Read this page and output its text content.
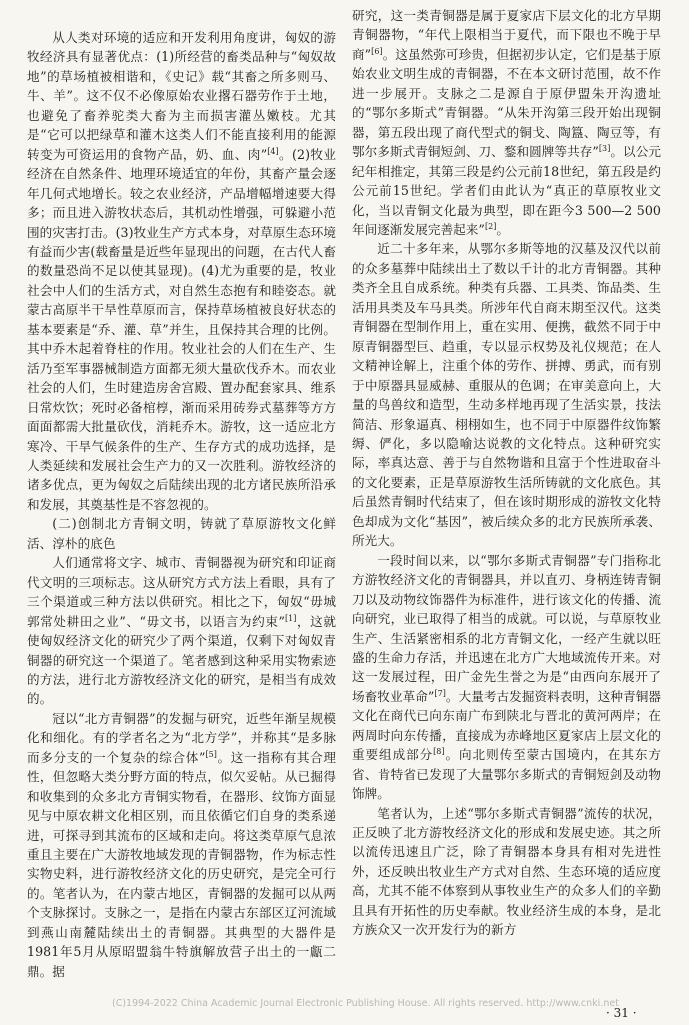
从人类对环境的适应和开发利用角度讲，匈奴的游牧经济具有显著优点：(1)所经营的畜类品种与“匈奴故地”的草场植被相谐和，《史记》载“其畜之所多则马、牛、羊”。这不仅不必像原始农业撂石器劳作于土地，也避免了畜养驼类大畜为主而损害灌丛嫩枝。尤其是“它可以把绿草和灌木这类人们不能直接利用的能源转变为可资运用的食物产品，奶、血、肉”[4]。(2)牧业经济在自然条件、地理环境适宜的年份，其畜产量会逐年几何式地增长。较之农业经济，产品增幅增速要大得多；而且进入游牧状态后，其机动性增强，可躲避小范围的灾害打击。(3)牧业生产方式本身，对草原生态环境有益而少害(载畜量是近些年显现出的问题，在古代人畜的数量恐尚不足以使其显现)。(4)尤为重要的是，牧业社会中人们的生活方式，对自然生态抱有和睦姿态。就蒙古高原半干旱性草原而言，保持草场植被良好状态的基本要素是“乔、灌、草”并生，且保持其合理的比例。其中乔木起着脊柱的作用。牧业社会的人们在生产、生活乃至军事器械制造方面都无须大量砍伐乔木。而农业社会的人们，生时建造房舍宫殿、置办配套家具、维系日常炊饮；死时必备棺椁，渐而采用砖券式墓葬等方方面面都需大批量砍伐，消耗乔木。游牧，这一适应北方寒冷、干旱气候条件的生产、生存方式的成功选择，是人类延续和发展社会生产力的又一次胜利。游牧经济的诸多优点，更为匈奴之后陆续出现的北方诸民族所沿承和发展，其奠基性是不容忽视的。

(二)创制北方青铜文明，铸就了草原游牧文化鲜活、淳朴的底色

人们通常将文字、城市、青铜器视为研究和印证商代文明的三项标志。这从研究方式方法上看眼，具有了三个渠道或三种方法以供研究。相比之下，匈奴“毋城郭常处耕田之业”、“毋文书，以语言为约束”[1]，这就使匈奴经济文化的研究少了两个渠道，仅剩下对匈奴青铜器的研究这一个渠道了。笔者感到这种采用实物索迹的方法，进行北方游牧经济文化的研究，是相当有成效的。

冠以“北方青铜器”的发掘与研究，近些年渐呈规模化和细化。有的学者名之为“北方学”，并称其“是多脉而多分支的一个复杂的综合体”[5]。这一指称有其合理性，但忽略大类分野方面的特点，似欠妥帖。从已掘得和收集到的众多北方青铜实物看，在器形、纹饰方面显见与中原农耕文化相区别，而且依循它们自身的类系递进，可探寻到其流布的区域和走向。将这类草原气息浓重且主要在广大游牧地域发现的青铜器物，作为标志性实物史料，进行游牧经济文化的历史研究，是完全可行的。笔者认为，在内蒙古地区，青铜器的发掘可以从两个支脉探讨。支脉之一，是指在内蒙古东部区辽河流域到燕山南麓陆续出土的青铜器。其典型的大器件是1981年5月从原昭盟翁牛特旗解放营子出土的一甗二鼎。据

研究，这一类青铜器是属于夏家店下层文化的北方早期青铜器物，“年代上限相当于夏代，而下限也不晚于早商”[6]。这虽然弥可珍贵，但据初步认定，它们是基于原始农业文明生成的青铜器，不在本文研讨范围，故不作进一步展开。支脉之二是源自于原伊盟朱开沟遗址的“鄂尔多斯式”青铜器。“从朱开沟第三段开始出现铜器，第五段出现了商代型式的铜戈、陶簋、陶豆等，有鄂尔多斯式青铜短剑、刀、鍪和圆牌等共存”[3]。以公元纪年相推定，其第三段是约公元前18世纪，第五段是约公元前15世纪。学者们由此认为“真正的草原牧业文化，当以青铜文化最为典型，即在距今3 500—2 500年间逐渐发展完善起来”[2]。

近二十多年来，从鄂尔多斯等地的汉墓及汉代以前的众多墓葬中陆续出土了数以千计的北方青铜器。其种类齐全且自成系统。种类有兵器、工具类、饰品类、生活用具类及车马具类。所涉年代自商末期至汉代。这类青铜器在型制作用上，重在实用、便携，截然不同于中原青铜器型巨、趋重，专以显示权势及礼仪规范；在人文精神诠解上，注重个体的劳作、拼搏、勇武，而有别于中原器具显威赫、重服从的色调；在审美意向上，大量的鸟兽纹和造型，生动多样地再现了生活实景，技法简洁、形象逼真、栩栩如生，也不同于中原器件纹饰繁缛、俨化，多以隐喻达说教的文化特点。这种研究实际，率真达意、善于与自然物谐和且富于个性进取奋斗的文化要素，正是草原游牧生活所铸就的文化底色。其后虽然青铜时代结束了，但在该时期形成的游牧文化特色却成为文化“基因”，被后续众多的北方民族所承袭、所光大。

一段时间以来，以“鄂尔多斯式青铜器”专门指称北方游牧经济文化的青铜器具，并以直刃、身柄连铸青铜刀以及动物纹饰器件为标准件，进行该文化的传播、流向研究，业已取得了相当的成就。可以说，与草原牧业生产、生活紧密相系的北方青铜文化，一经产生就以旺盛的生命力存活，并迅速在北方广大地域流传开来。对这一发展过程，田广金先生誉之为是“由西向东展开了场畜牧业革命”[7]。大量考古发掘资料表明，这种青铜器文化在商代已向东南广布到陕北与晋北的黄河两岸；在两周时向东传播，直接成为赤峰地区夏家店上层文化的重要组成部分[8]。向北则传至蒙古国境内，在其东方省、肯特省已发现了大量鄂尔多斯式的青铜短剑及动物饰牌。

笔者认为，上述“鄂尔多斯式青铜器”流传的状况，正反映了北方游牧经济文化的形成和发展史迹。其之所以流传迅速且广泛，除了青铜器本身具有相对先进性外，还反映出牧业生产方式对自然、生态环境的适应度高，尤其不能不体察到从事牧业生产的众多人们的辛勤且具有开拓性的历史奉献。牧业经济生成的本身，是北方族众又一次开发行为的新方

(C)1994-2022 China Academic Journal Electronic Publishing House. All rights reserved. http://www.cnki.net
· 31 ·
